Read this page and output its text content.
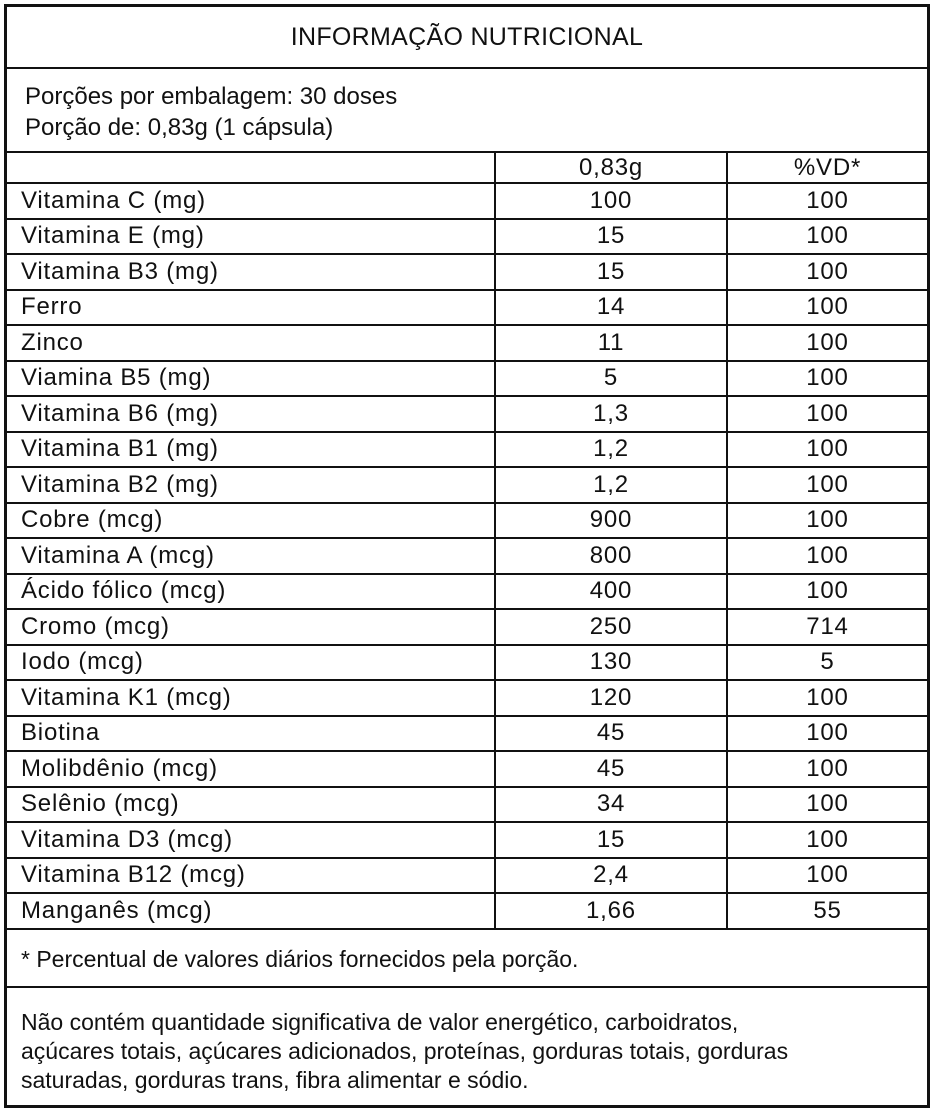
INFORMAÇÃO NUTRICIONAL
Porções por embalagem: 30 doses
Porção de: 0,83g (1 cápsula)
	0,83g	%VD*
Vitamina C (mg)	100	100
Vitamina E (mg)	15	100
Vitamina B3 (mg)	15	100
Ferro	14	100
Zinco	11	100
Viamina B5 (mg)	5	100
Vitamina B6 (mg)	1,3	100
Vitamina B1 (mg)	1,2	100
Vitamina B2 (mg)	1,2	100
Cobre (mcg)	900	100
Vitamina A (mcg)	800	100
Ácido fólico (mcg)	400	100
Cromo (mcg)	250	714
Iodo (mcg)	130	5
Vitamina K1 (mcg)	120	100
Biotina	45	100
Molibdênio (mcg)	45	100
Selênio (mcg)	34	100
Vitamina D3 (mcg)	15	100
Vitamina B12 (mcg)	2,4	100
Manganês (mcg)	1,66	55
* Percentual de valores diários fornecidos pela porção.
Não contém quantidade significativa de valor energético, carboidratos,
açúcares totais, açúcares adicionados, proteínas, gorduras totais, gorduras
saturadas, gorduras trans, fibra alimentar e sódio.
